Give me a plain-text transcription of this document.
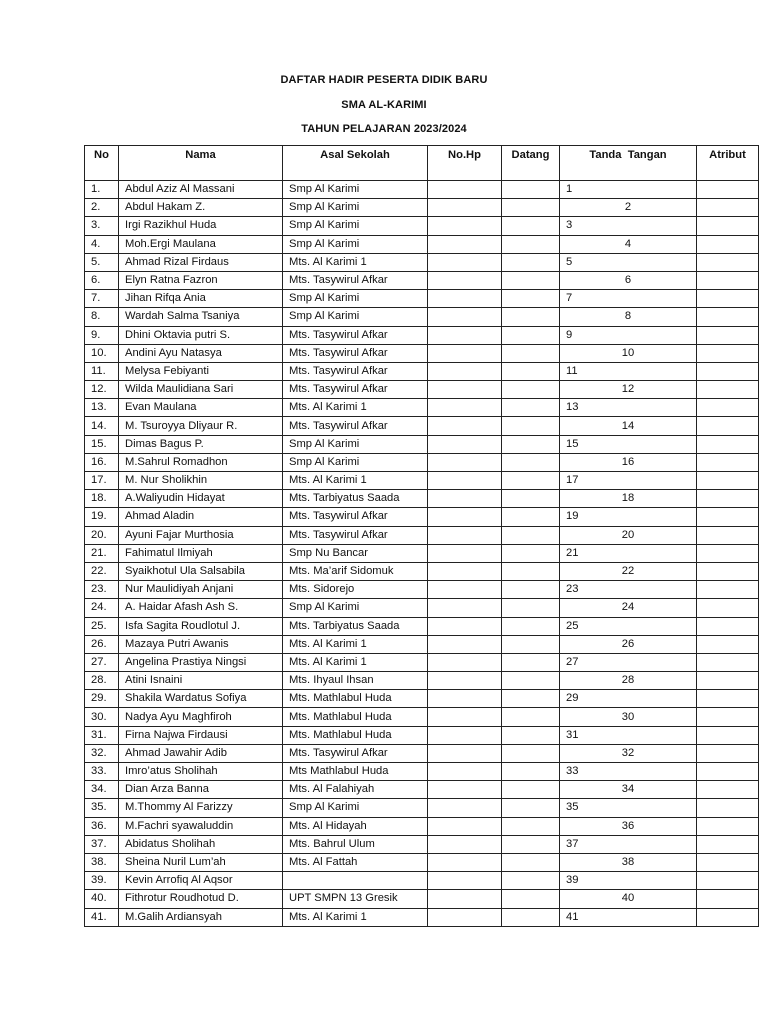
DAFTAR HADIR PESERTA DIDIK BARU
SMA AL-KARIMI
TAHUN PELAJARAN 2023/2024
No	Nama	Asal Sekolah	No.Hp	Datang	Tanda  Tangan	Atribut
1.	Abdul Aziz Al Massani	Smp Al Karimi			1	
2.	Abdul Hakam Z.	Smp Al Karimi			2	
3.	Irgi Razikhul Huda	Smp Al Karimi			3	
4.	Moh.Ergi Maulana	Smp Al Karimi			4	
5.	Ahmad Rizal Firdaus	Mts. Al Karimi 1			5	
6.	Elyn Ratna Fazron	Mts. Tasywirul Afkar			6	
7.	Jihan Rifqa Ania	Smp Al Karimi			7	
8.	Wardah Salma Tsaniya	Smp Al Karimi			8	
9.	Dhini Oktavia putri S.	Mts. Tasywirul Afkar			9	
10.	Andini Ayu Natasya	Mts. Tasywirul Afkar			10	
11.	Melysa Febiyanti	Mts. Tasywirul Afkar			11	
12.	Wilda Maulidiana Sari	Mts. Tasywirul Afkar			12	
13.	Evan Maulana	Mts. Al Karimi 1			13	
14.	M. Tsuroyya Dliyaur R.	Mts. Tasywirul Afkar			14	
15.	Dimas Bagus P.	Smp Al Karimi			15	
16.	M.Sahrul Romadhon	Smp Al Karimi			16	
17.	M. Nur Sholikhin	Mts. Al Karimi 1			17	
18.	A.Waliyudin Hidayat	Mts. Tarbiyatus Saada			18	
19.	Ahmad Aladin	Mts. Tasywirul Afkar			19	
20.	Ayuni Fajar Murthosia	Mts. Tasywirul Afkar			20	
21.	Fahimatul Ilmiyah	Smp Nu Bancar			21	
22.	Syaikhotul Ula Salsabila	Mts. Ma’arif Sidomuk			22	
23.	Nur Maulidiyah Anjani	Mts. Sidorejo			23	
24.	A. Haidar Afash Ash S.	Smp Al Karimi			24	
25.	Isfa Sagita Roudlotul J.	Mts. Tarbiyatus Saada			25	
26.	Mazaya Putri Awanis	Mts. Al Karimi 1			26	
27.	Angelina Prastiya Ningsi	Mts. Al Karimi 1			27	
28.	Atini Isnaini	Mts. Ihyaul Ihsan			28	
29.	Shakila Wardatus Sofiya	Mts. Mathlabul Huda			29	
30.	Nadya Ayu Maghfiroh	Mts. Mathlabul Huda			30	
31.	Firna Najwa Firdausi	Mts. Mathlabul Huda			31	
32.	Ahmad Jawahir Adib	Mts. Tasywirul Afkar			32	
33.	Imro’atus Sholihah	Mts Mathlabul Huda			33	
34.	Dian Arza Banna	Mts. Al Falahiyah			34	
35.	M.Thommy Al Farizzy	Smp Al Karimi			35	
36.	M.Fachri syawaluddin	Mts. Al Hidayah			36	
37.	Abidatus Sholihah	Mts. Bahrul Ulum			37	
38.	Sheina Nuril Lum’ah	Mts. Al Fattah			38	
39.	Kevin Arrofiq Al Aqsor				39	
40.	Fithrotur Roudhotud D.	UPT SMPN 13 Gresik			40	
41.	M.Galih Ardiansyah	Mts. Al Karimi 1			41	
